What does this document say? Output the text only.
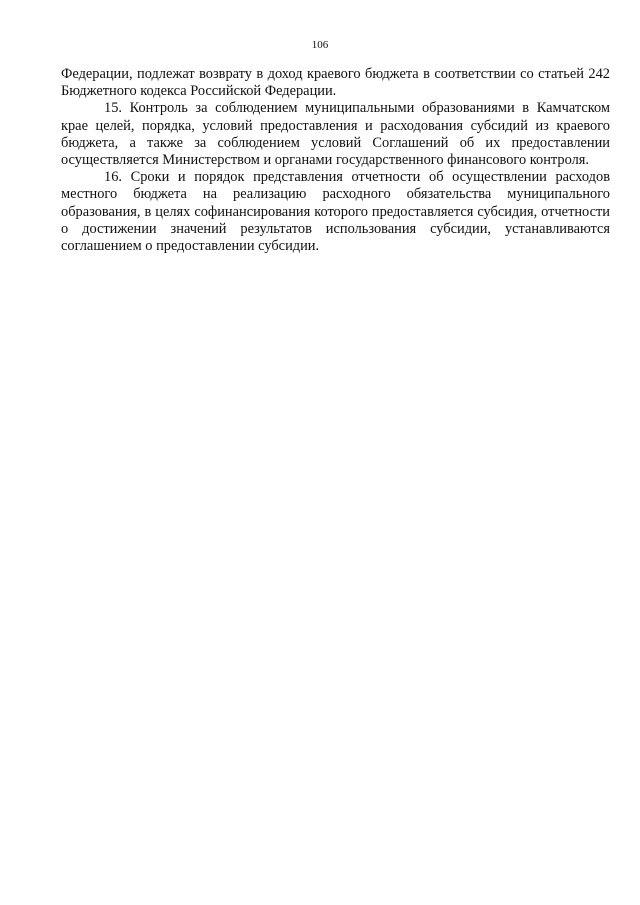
106

Федерации, подлежат возврату в доход краевого бюджета в соответствии со статьей 242 Бюджетного кодекса Российской Федерации.

15. Контроль за соблюдением муниципальными образованиями в Камчатском крае целей, порядка, условий предоставления и расходования субсидий из краевого бюджета, а также за соблюдением условий Соглашений об их предоставлении осуществляется Министерством и органами государственного финансового контроля.

16. Сроки и порядок представления отчетности об осуществлении расходов местного бюджета на реализацию расходного обязательства муниципального образования, в целях софинансирования которого предоставляется субсидия, отчетности о достижении значений результатов использования субсидии, устанавливаются соглашением о предоставлении субсидии.
